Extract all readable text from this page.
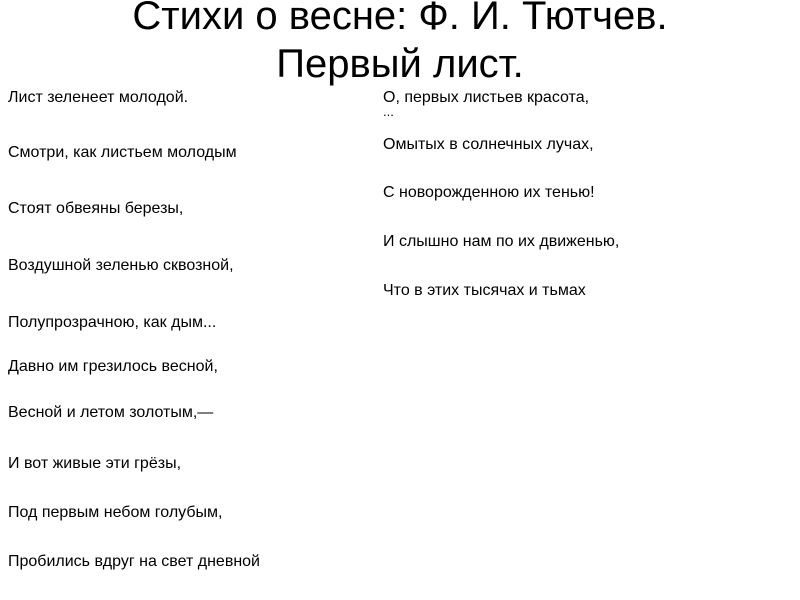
Стихи о весне: Ф. И. Тютчев.
Первый лист.
Лист зеленеет молодой.
Смотри, как листьем молодым
Стоят обвеяны березы,
Воздушной зеленью сквозной,
Полупрозрачною, как дым...
Давно им грезилось весной,
Весной и летом золотым,—
И вот живые эти грёзы,
Под первым небом голубым,
Пробились вдруг на свет дневной
О, первых листьев красота,
...
Омытых в солнечных лучах,
С новорожденною их тенью!
И слышно нам по их движенью,
Что в этих тысячах и тьмах
